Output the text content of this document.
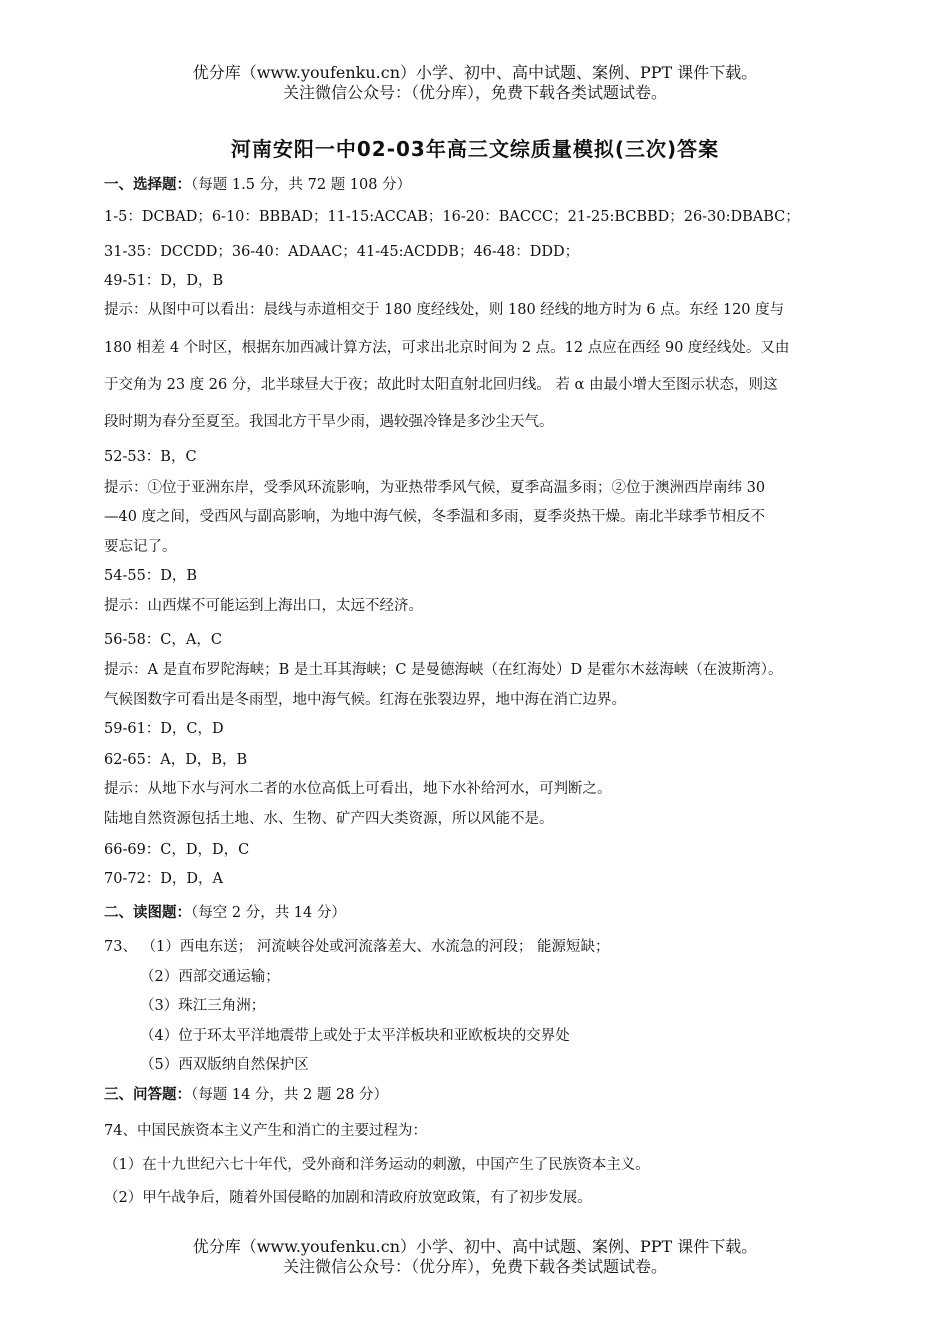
优分库（www.youfenku.cn）小学、初中、高中试题、案例、PPT 课件下载。
关注微信公众号：（优分库），免费下载各类试题试卷。
河南安阳一中02-03年高三文综质量模拟(三次)答案
一、选择题：（每题 1.5 分，共 72 题 108 分）
1-5：DCBAD；6-10：BBBAD；11-15:ACCAB；16-20：BACCC；21-25:BCBBD；26-30:DBABC；
31-35：DCCDD；36-40：ADAAC；41-45:ACDDB；46-48：DDD；
49-51：D，D，B
提示：从图中可以看出：晨线与赤道相交于 180 度经线处，则 180 经线的地方时为 6 点。东经 120 度与
180 相差 4 个时区，根据东加西减计算方法，可求出北京时间为 2 点。12 点应在西经 90 度经线处。又由
于交角为 23 度 26 分，北半球昼大于夜；故此时太阳直射北回归线。 若 α 由最小增大至图示状态，则这
段时期为春分至夏至。我国北方干旱少雨，遇较强冷锋是多沙尘天气。
52-53：B，C
提示：①位于亚洲东岸，受季风环流影响，为亚热带季风气候，夏季高温多雨；②位于澳洲西岸南纬 30
—40 度之间，受西风与副高影响，为地中海气候，冬季温和多雨，夏季炎热干燥。南北半球季节相反不
要忘记了。
54-55：D，B
提示：山西煤不可能运到上海出口，太远不经济。
56-58：C，A，C
提示：A 是直布罗陀海峡；B 是土耳其海峡；C 是曼德海峡（在红海处）D 是霍尔木兹海峡（在波斯湾）。
气候图数字可看出是冬雨型，地中海气候。红海在张裂边界，地中海在消亡边界。
59-61：D，C，D
62-65：A，D，B，B
提示：从地下水与河水二者的水位高低上可看出，地下水补给河水，可判断之。
陆地自然资源包括土地、水、生物、矿产四大类资源，所以风能不是。
66-69：C，D，D，C
70-72：D，D，A
二、读图题：（每空 2 分，共 14 分）
73、 （1）西电东送； 河流峡谷处或河流落差大、水流急的河段； 能源短缺；
（2）西部交通运输；
（3）珠江三角洲；
（4）位于环太平洋地震带上或处于太平洋板块和亚欧板块的交界处
（5）西双版纳自然保护区
三、问答题：（每题 14 分，共 2 题 28 分）
74、中国民族资本主义产生和消亡的主要过程为：
（1）在十九世纪六七十年代，受外商和洋务运动的刺激，中国产生了民族资本主义。
（2）甲午战争后，随着外国侵略的加剧和清政府放宽政策，有了初步发展。
优分库（www.youfenku.cn）小学、初中、高中试题、案例、PPT 课件下载。
关注微信公众号：（优分库），免费下载各类试题试卷。
